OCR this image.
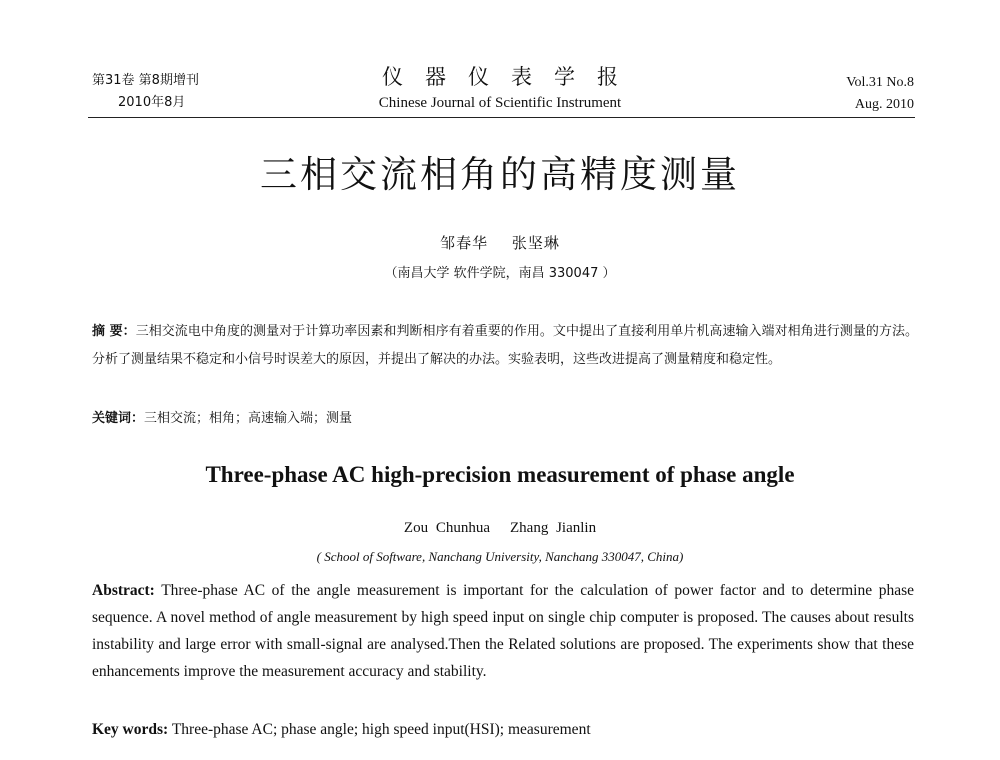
第31卷 第8期增刊
2010年8月
仪器仪表学报
Chinese Journal of Scientific Instrument
Vol.31 No.8
Aug. 2010
三相交流相角的高精度测量
邹春华 张坚琳
（南昌大学 软件学院，南昌 330047 ）
摘 要：三相交流电中角度的测量对于计算功率因素和判断相序有着重要的作用。文中提出了直接利用单片机高速输入端对相角进行测量的方法。分析了测量结果不稳定和小信号时误差大的原因，并提出了解决的办法。实验表明，这些改进提高了测量精度和稳定性。
关键词：三相交流；相角；高速输入端；测量
Three-phase AC high-precision measurement of phase angle
Zou Chunhua Zhang Jianlin
( School of Software, Nanchang University, Nanchang 330047, China)
Abstract: Three-phase AC of the angle measurement is important for the calculation of power factor and to determine phase sequence. A novel method of angle measurement by high speed input on single chip computer is proposed. The causes about results instability and large error with small-signal are analysed.Then the Related solutions are proposed. The experiments show that these enhancements improve the measurement accuracy and stability.
Key words: Three-phase AC; phase angle; high speed input(HSI); measurement
